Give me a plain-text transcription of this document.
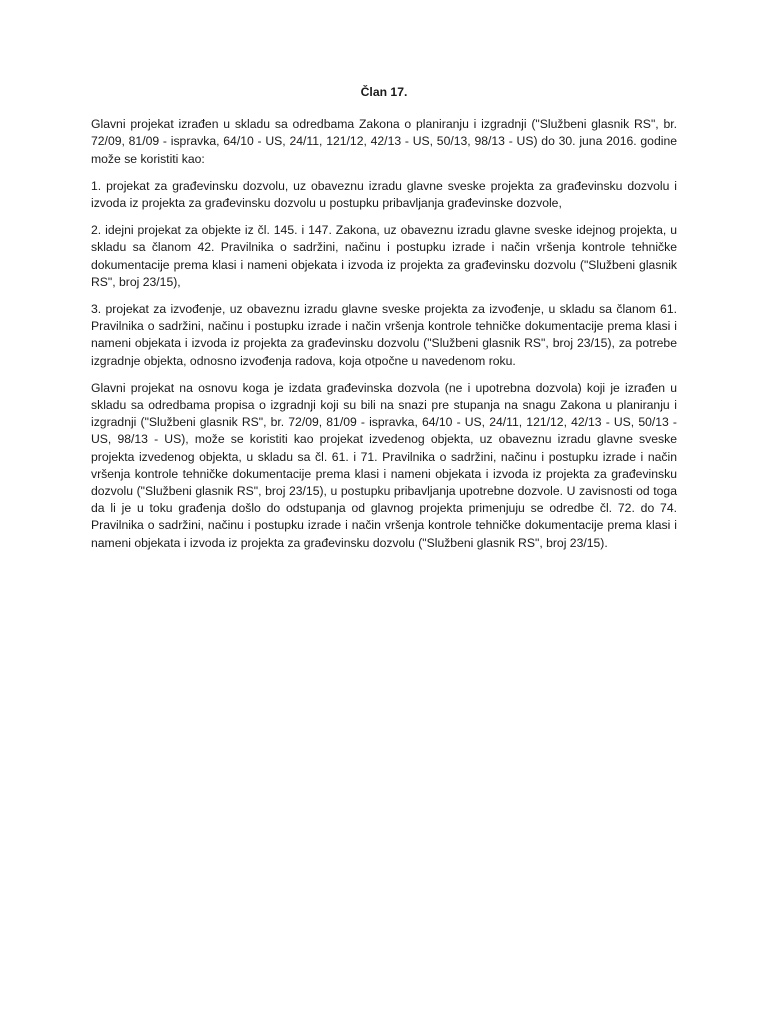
Član 17.

Glavni projekat izrađen u skladu sa odredbama Zakona o planiranju i izgradnji ("Službeni glasnik RS", br. 72/09, 81/09 - ispravka, 64/10 - US, 24/11, 121/12, 42/13 - US, 50/13, 98/13 - US) do 30. juna 2016. godine može se koristiti kao:

1. projekat za građevinsku dozvolu, uz obaveznu izradu glavne sveske projekta za građevinsku dozvolu i izvoda iz projekta za građevinsku dozvolu u postupku pribavljanja građevinske dozvole,

2. idejni projekat za objekte iz čl. 145. i 147. Zakona, uz obaveznu izradu glavne sveske idejnog projekta, u skladu sa članom 42. Pravilnika o sadržini, načinu i postupku izrade i način vršenja kontrole tehničke dokumentacije prema klasi i nameni objekata i izvoda iz projekta za građevinsku dozvolu ("Službeni glasnik RS", broj 23/15),

3. projekat za izvođenje, uz obaveznu izradu glavne sveske projekta za izvođenje, u skladu sa članom 61. Pravilnika o sadržini, načinu i postupku izrade i način vršenja kontrole tehničke dokumentacije prema klasi i nameni objekata i izvoda iz projekta za građevinsku dozvolu ("Službeni glasnik RS", broj 23/15), za potrebe izgradnje objekta, odnosno izvođenja radova, koja otpočne u navedenom roku.

Glavni projekat na osnovu koga je izdata građevinska dozvola (ne i upotrebna dozvola) koji je izrađen u skladu sa odredbama propisa o izgradnji koji su bili na snazi pre stupanja na snagu Zakona u planiranju i izgradnji ("Službeni glasnik RS", br. 72/09, 81/09 - ispravka, 64/10 - US, 24/11, 121/12, 42/13 - US, 50/13 - US, 98/13 - US), može se koristiti kao projekat izvedenog objekta, uz obaveznu izradu glavne sveske projekta izvedenog objekta, u skladu sa čl. 61. i 71. Pravilnika o sadržini, načinu i postupku izrade i način vršenja kontrole tehničke dokumentacije prema klasi i nameni objekata i izvoda iz projekta za građevinsku dozvolu ("Službeni glasnik RS", broj 23/15), u postupku pribavljanja upotrebne dozvole. U zavisnosti od toga da li je u toku građenja došlo do odstupanja od glavnog projekta primenjuju se odredbe čl. 72. do 74. Pravilnika o sadržini, načinu i postupku izrade i način vršenja kontrole tehničke dokumentacije prema klasi i nameni objekata i izvoda iz projekta za građevinsku dozvolu ("Službeni glasnik RS", broj 23/15).
